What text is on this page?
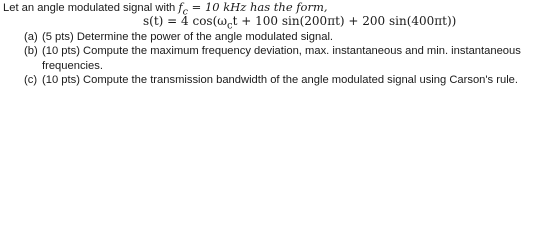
Let an angle modulated signal with $f_c = 10$ kHz has the form,
s(t) = 4 $\cos(\omega_ct + 100$ sin(200πt) + 200 sin(400πt))
(a) (5 pts) Determine the power of the angle modulated signal.
(b) (10 pts) Compute the maximum frequency deviation, max. instantaneous and min. instantaneous
frequencies.
(c) (10 pts) Compute the transmission bandwidth of the angle modulated signal using Carson's rule.
